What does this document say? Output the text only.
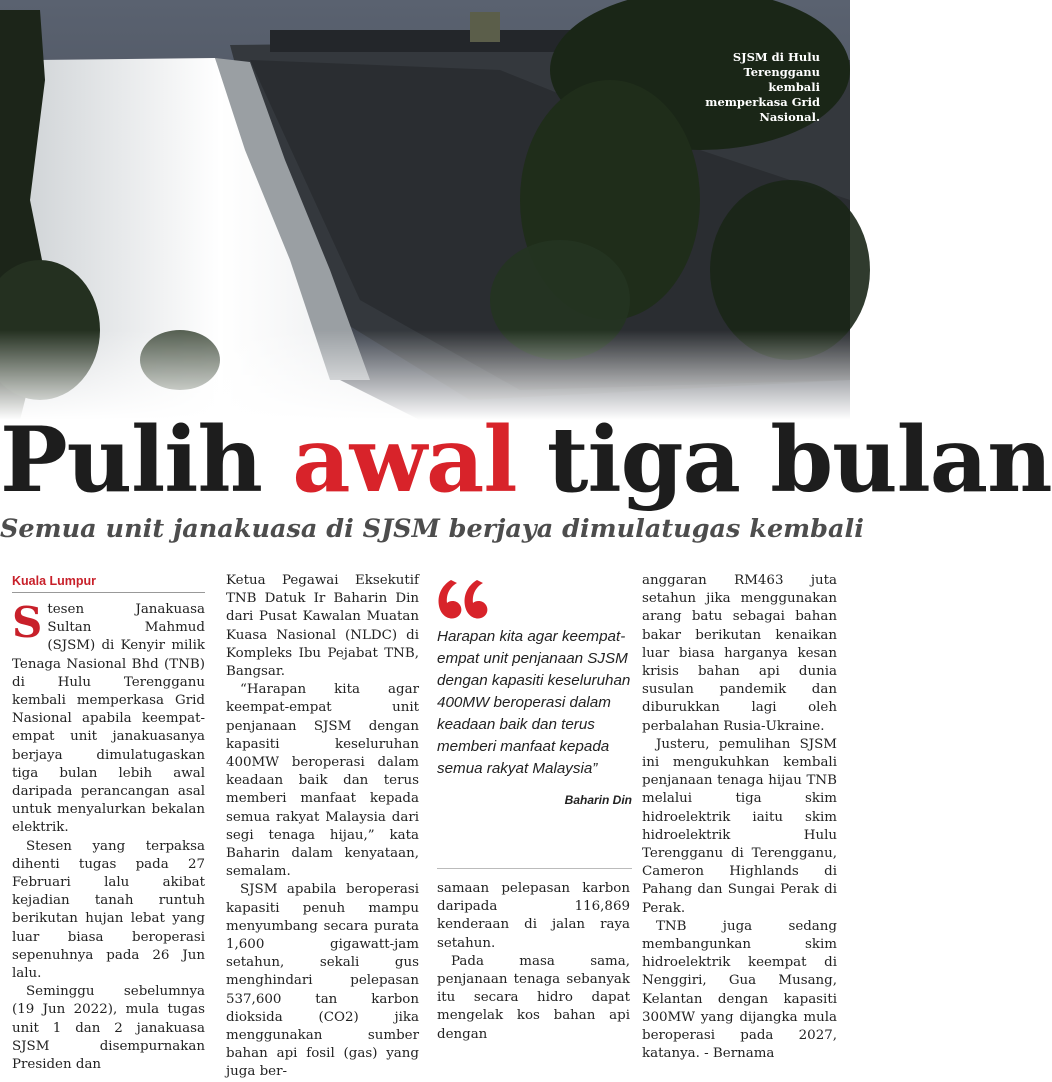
SJSM di Hulu Terengganu kembali memperkasa Grid Nasional.
Pulih awal tiga bulan
Semua unit janakuasa di SJSM berjaya dimulatugas kembali
Kuala Lumpur

Stesen Janakuasa Sultan Mahmud (SJSM) di Kenyir milik Tenaga Nasional Bhd (TNB) di Hulu Terengganu kembali memperkasa Grid Nasional apabila keempat-empat unit janakuasanya berjaya dimulatugaskan tiga bulan lebih awal daripada perancangan asal untuk menyalurkan bekalan elektrik.

Stesen yang terpaksa dihenti tugas pada 27 Februari lalu akibat kejadian tanah runtuh berikutan hujan lebat yang luar biasa beroperasi sepenuhnya pada 26 Jun lalu.

Seminggu sebelumnya (19 Jun 2022), mula tugas unit 1 dan 2 janakuasa SJSM disempurnakan Presiden dan

Ketua Pegawai Eksekutif TNB Datuk Ir Baharin Din dari Pusat Kawalan Muatan Kuasa Nasional (NLDC) di Kompleks Ibu Pejabat TNB, Bangsar.

“Harapan kita agar keempat-empat unit penjanaan SJSM dengan kapasiti keseluruhan 400MW beroperasi dalam keadaan baik dan terus memberi manfaat kepada semua rakyat Malaysia dari segi tenaga hijau,” kata Baharin dalam kenyataan, semalam.

SJSM apabila beroperasi kapasiti penuh mampu menyumbang secara purata 1,600 gigawatt-jam setahun, sekali gus menghindari pelepasan 537,600 tan karbon dioksida (CO2) jika menggunakan sumber bahan api fosil (gas) yang juga ber-

Harapan kita agar keempat-empat unit penjanaan SJSM dengan kapasiti keseluruhan 400MW beroperasi dalam keadaan baik dan terus memberi manfaat kepada semua rakyat Malaysia”

Baharin Din

samaan pelepasan karbon daripada 116,869 kenderaan di jalan raya setahun.

Pada masa sama, penjanaan tenaga sebanyak itu secara hidro dapat mengelak kos bahan api dengan

anggaran RM463 juta setahun jika menggunakan arang batu sebagai bahan bakar berikutan kenaikan luar biasa harganya kesan krisis bahan api dunia susulan pandemik dan diburukkan lagi oleh perbalahan Rusia-Ukraine.

Justeru, pemulihan SJSM ini mengukuhkan kembali penjanaan tenaga hijau TNB melalui tiga skim hidroelektrik iaitu skim hidroelektrik Hulu Terengganu di Terengganu, Cameron Highlands di Pahang dan Sungai Perak di Perak.

TNB juga sedang membangunkan skim hidroelektrik keempat di Nenggiri, Gua Musang, Kelantan dengan kapasiti 300MW yang dijangka mula beroperasi pada 2027, katanya. - Bernama
